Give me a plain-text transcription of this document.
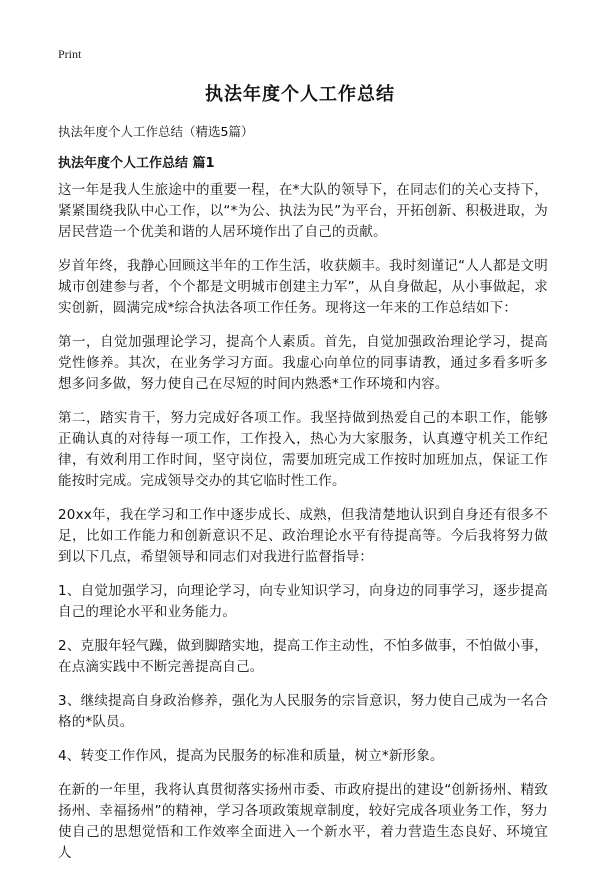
Print
执法年度个人工作总结

执法年度个人工作总结（精选5篇）

执法年度个人工作总结 篇1

这一年是我人生旅途中的重要一程，在*大队的领导下，在同志们的关心支持下，紧紧围绕我队中心工作，以“*为公、执法为民”为平台，开拓创新、积极进取，为居民营造一个优美和谐的人居环境作出了自己的贡献。

岁首年终，我静心回顾这半年的工作生活，收获颇丰。我时刻谨记“人人都是文明城市创建参与者，个个都是文明城市创建主力军”，从自身做起，从小事做起，求实创新，圆满完成*综合执法各项工作任务。现将这一年来的工作总结如下：

第一，自觉加强理论学习，提高个人素质。首先，自觉加强政治理论学习，提高党性修养。其次，在业务学习方面。我虚心向单位的同事请教，通过多看多听多想多问多做，努力使自己在尽短的时间内熟悉*工作环境和内容。

第二，踏实肯干，努力完成好各项工作。我坚持做到热爱自己的本职工作，能够正确认真的对待每一项工作，工作投入，热心为大家服务，认真遵守机关工作纪律，有效利用工作时间，坚守岗位，需要加班完成工作按时加班加点，保证工作能按时完成。完成领导交办的其它临时性工作。

20xx年，我在学习和工作中逐步成长、成熟，但我清楚地认识到自身还有很多不足，比如工作能力和创新意识不足、政治理论水平有待提高等。今后我将努力做到以下几点，希望领导和同志们对我进行监督指导：

1、自觉加强学习，向理论学习，向专业知识学习，向身边的同事学习，逐步提高自己的理论水平和业务能力。

2、克服年轻气躁，做到脚踏实地，提高工作主动性，不怕多做事，不怕做小事，在点滴实践中不断完善提高自己。

3、继续提高自身政治修养，强化为人民服务的宗旨意识，努力使自己成为一名合格的*队员。

4、转变工作作风，提高为民服务的标准和质量，树立*新形象。

在新的一年里，我将认真贯彻落实扬州市委、市政府提出的建设“创新扬州、精致扬州、幸福扬州”的精神，学习各项政策规章制度，较好完成各项业务工作，努力使自己的思想觉悟和工作效率全面进入一个新水平，着力营造生态良好、环境宜人
